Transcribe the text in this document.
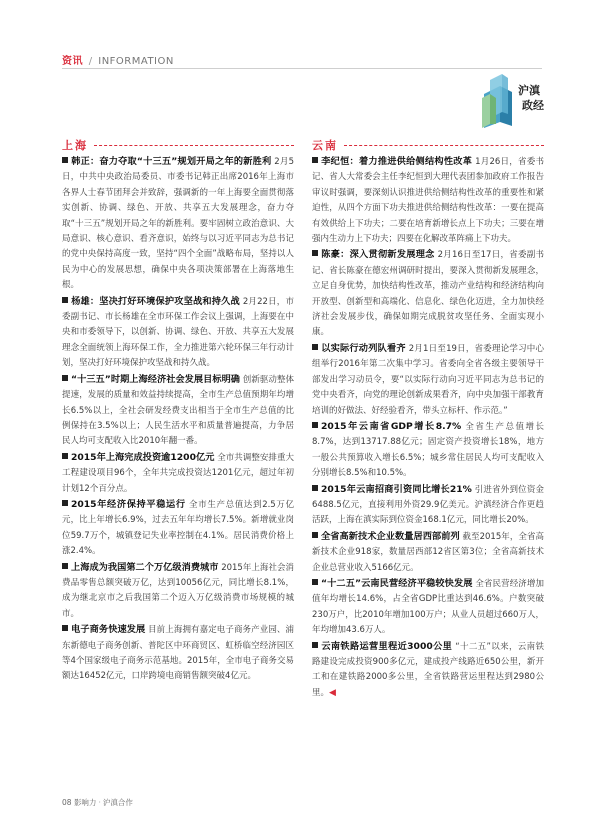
资讯 / INFORMATION
沪滇
政经
上海

韩正：奋力夺取“十三五”规划开局之年的新胜利 2月5日，中共中央政治局委员、市委书记韩正出席2016年上海市各界人士春节团拜会并致辞，强调新的一年上海要全面贯彻落实创新、协调、绿色、开放、共享五大发展理念，奋力夺取“十三五”规划开局之年的新胜利。要牢固树立政治意识、大局意识、核心意识、看齐意识，始终与以习近平同志为总书记的党中央保持高度一致，坚持“四个全面”战略布局，坚持以人民为中心的发展思想，确保中央各项决策部署在上海落地生根。

杨雄：坚决打好环境保护攻坚战和持久战 2月22日，市委副书记、市长杨雄在全市环保工作会议上强调，上海要在中央和市委领导下，以创新、协调、绿色、开放、共享五大发展理念全面统领上海环保工作，全力推进第六轮环保三年行动计划，坚决打好环境保护攻坚战和持久战。

“十三五”时期上海经济社会发展目标明确 创新驱动整体提速，发展的质量和效益持续提高，全市生产总值预期年均增长6.5%以上，全社会研发经费支出相当于全市生产总值的比例保持在3.5%以上；人民生活水平和质量普遍提高，力争居民人均可支配收入比2010年翻一番。

2015年上海完成投资逾1200亿元 全市共调整安排重大工程建设项目96个，全年共完成投资达1201亿元，超过年初计划12个百分点。

2015年经济保持平稳运行 全市生产总值达到2.5万亿元，比上年增长6.9%，过去五年年均增长7.5%。新增就业岗位59.7万个，城镇登记失业率控制在4.1%。居民消费价格上涨2.4%。

上海成为我国第二个万亿级消费城市 2015年上海社会消费品零售总额突破万亿，达到10056亿元，同比增长8.1%，成为继北京市之后我国第二个迈入万亿级消费市场规模的城市。

电子商务快速发展 目前上海拥有嘉定电子商务产业园、浦东新德电子商务创新、普陀区中环商贸区、虹桥临空经济园区等4个国家级电子商务示范基地。2015年，全市电子商务交易额达16452亿元，口岸跨境电商销售额突破4亿元。

云南

李纪恒：着力推进供给侧结构性改革 1月26日，省委书记、省人大常委会主任李纪恒到大理代表团参加政府工作报告审议时强调，要深刻认识推进供给侧结构性改革的重要性和紧迫性，从四个方面下功夫推进供给侧结构性改革：一要在提高有效供给上下功夫；二要在培育新增长点上下功夫；三要在增强内生动力上下功夫；四要在化解改革阵痛上下功夫。

陈豪：深入贯彻新发展理念 2月16日至17日，省委副书记、省长陈豪在德宏州调研时提出，要深入贯彻新发展理念，立足自身优势，加快结构性改革，推动产业结构和经济结构向开放型、创新型和高端化、信息化、绿色化迈进，全力加快经济社会发展步伐，确保如期完成脱贫攻坚任务、全面实现小康。

以实际行动列队看齐 2月1日至19日，省委理论学习中心组举行2016年第二次集中学习。省委向全省各级主要领导干部发出学习动员令，要“以实际行动向习近平同志为总书记的党中央看齐，向党的理论创新成果看齐，向中央加强干部教育培训的好做法、好经验看齐，带头立标杆、作示范。”

2015年云南省GDP增长8.7% 全省生产总值增长8.7%，达到13717.88亿元；固定资产投资增长18%，地方一般公共预算收入增长6.5%；城乡常住居民人均可支配收入分别增长8.5%和10.5%。

2015年云南招商引资同比增长21% 引进省外到位资金6488.5亿元，直接利用外资29.9亿美元。沪滇经济合作更趋活跃，上海在滇实际到位资金168.1亿元，同比增长20%。

全省高新技术企业数量居西部前列 截至2015年，全省高新技术企业918家，数量居西部12省区第3位；全省高新技术企业总营业收入5166亿元。

“十二五”云南民营经济平稳较快发展 全省民营经济增加值年均增长14.6%，占全省GDP比重达到46.6%。户数突破230万户，比2010年增加100万户；从业人员超过660万人，年均增加43.6万人。

云南铁路运营里程近3000公里 “十二五”以来，云南铁路建设完成投资900多亿元，建成投产线路近650公里，新开工和在建铁路2000多公里，全省铁路营运里程达到2980公里。◀

08 影响力 · 沪滇合作
